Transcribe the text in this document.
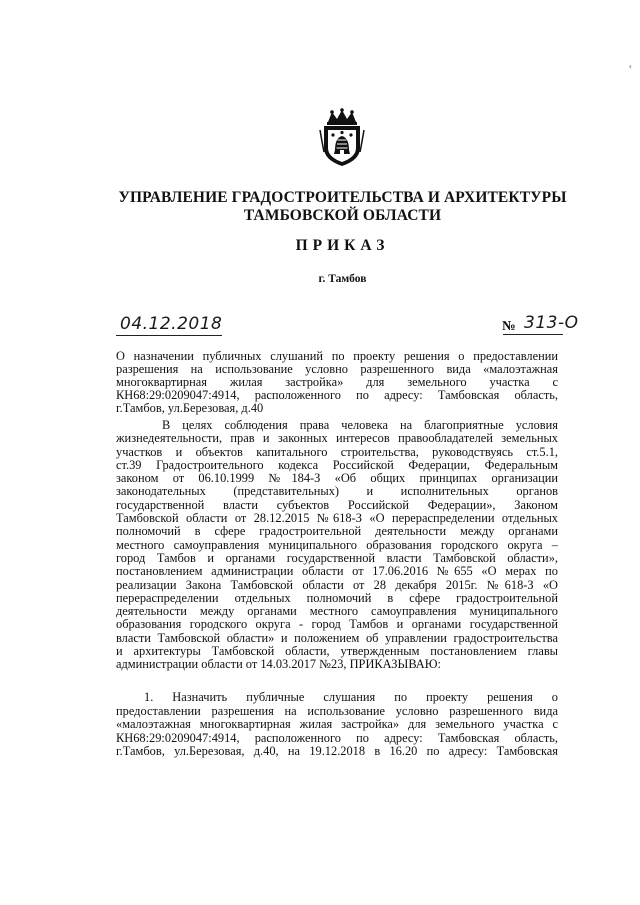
‹
УПРАВЛЕНИЕ ГРАДОСТРОИТЕЛЬСТВА И АРХИТЕКТУРЫ
ТАМБОВСКОЙ ОБЛАСТИ
ПРИКАЗ
г. Тамбов
04.12.2018	№ 313-О
О назначении публичных слушаний по проекту решения о предоставлении
разрешения на использование условно разрешенного вида «малоэтажная
многоквартирная жилая застройка» для земельного участка с
КН68:29:0209047:4914, расположенного по адресу: Тамбовская область,
г.Тамбов, ул.Березовая, д.40
В целях соблюдения права человека на благоприятные условия
жизнедеятельности, прав и законных интересов правообладателей земельных
участков и объектов капитального строительства, руководствуясь ст.5.1,
ст.39 Градостроительного кодекса Российской Федерации, Федеральным
законом от 06.10.1999 №184-З «Об общих принципах организации
законодательных (представительных) и исполнительных органов
государственной власти субъектов Российской Федерации», Законом
Тамбовской области от 28.12.2015 №618-З «О перераспределении отдельных
полномочий в сфере градостроительной деятельности между органами
местного самоуправления муниципального образования городского округа –
город Тамбов и органами государственной власти Тамбовской области»,
постановлением администрации области от 17.06.2016 №655 «О мерах по
реализации Закона Тамбовской области от 28 декабря 2015г. №618-З «О
перераспределении отдельных полномочий в сфере градостроительной
деятельности между органами местного самоуправления муниципального
образования городского округа - город Тамбов и органами государственной
власти Тамбовской области» и положением об управлении градостроительства
и архитектуры Тамбовской области, утвержденным постановлением главы
администрации области от 14.03.2017 №23, ПРИКАЗЫВАЮ:
1. Назначить публичные слушания по проекту решения о
предоставлении разрешения на использование условно разрешенного вида
«малоэтажная многоквартирная жилая застройка» для земельного участка с
КН68:29:0209047:4914, расположенного по адресу: Тамбовская область,
г.Тамбов, ул.Березовая, д.40, на 19.12.2018 в 16.20 по адресу: Тамбовская
